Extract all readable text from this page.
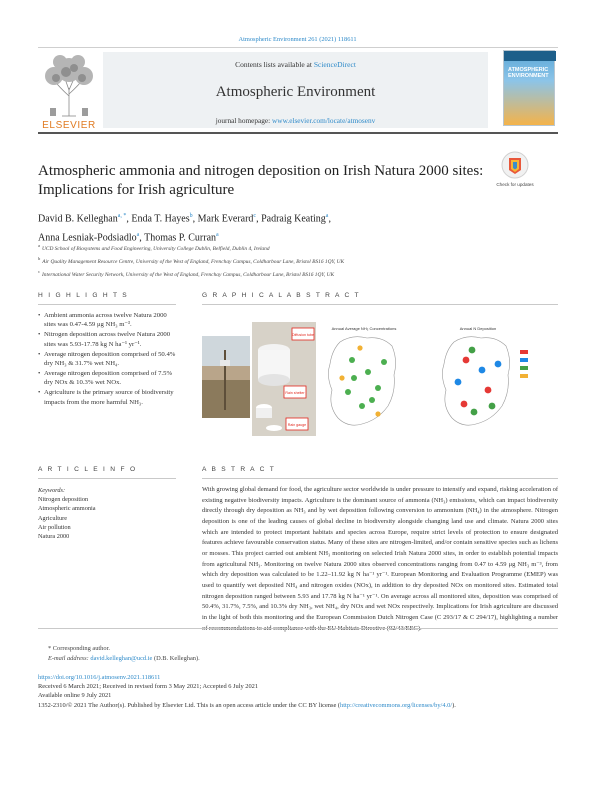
Atmospheric Environment 261 (2021) 118611
ELSEVIER
Contents lists available at ScienceDirect
Atmospheric Environment
journal homepage: www.elsevier.com/locate/atmosenv
ATMOSPHERIC ENVIRONMENT
Atmospheric ammonia and nitrogen deposition on Irish Natura 2000 sites:
Implications for Irish agriculture	Check for updates
David B. Kelleghan$^{a, *}$, Enda T. Hayes$^b$, Mark Everard$^c$, Padraig Keating$^a$,
Anna Lesniak-Podsiadlo$^a$, Thomas P. Curran$^a$
$^a$UCD School of Biosystems and Food Engineering, University College Dublin, Belfield, Dublin 4, Ireland
$^b$Air Quality Management Resource Centre, University of the West of England, Frenchay Campus, Coldharbour Lane, Bristol BS16 1QY, UK
$^c$International Water Security Network, University of the West of England, Frenchay Campus, Coldharbour Lane, Bristol BS16 1QY, UK
H I G H L I G H T S
• Ambient ammonia across twelve Natura 2000 sites was 0.47-4.59 μg NH₃ m⁻³.
• Nitrogen deposition across twelve Natura 2000 sites was 5.93-17.78 kg N ha⁻¹ yr⁻¹.
• Average nitrogen deposition comprised of 50.4% dry NH₃ & 31.7% wet NH₄.
• Average nitrogen deposition comprised of 7.5% dry NOx & 10.3% wet NOx.
• Agriculture is the primary source of biodiversity impacts from the more harmful NH₃.
G R A P H I C A L A B S T R A C T
Diffusion tube
Rain shelter
Rain gauge
Annual Average NH₃ Concentrations	Annual N Deposition
A R T I C L E I N F O
Keywords:
Nitrogen deposition
Atmospheric ammonia
Agriculture
Air pollution
Natura 2000
A B S T R A C T
With growing global demand for food, the agriculture sector worldwide is under pressure to intensify and expand, risking acceleration of existing negative biodiversity impacts. Agriculture is the dominant source of ammonia (NH₃) emissions, which can impact biodiversity directly through dry deposition as NH₃ and by wet deposition following conversion to ammonium (NH₄) in the atmosphere. Nitrogen deposition is one of the leading causes of global decline in biodiversity alongside changing land use and climate. Natura 2000 sites which are intended to protect important habitats and species across Europe, require strict levels of protection to ensure designated features achieve favourable conservation status. Many of these sites are nitrogen-limited, and/or contain sensitive species such as lichens or mosses. This project carried out ambient NH₃ monitoring on selected Irish Natura 2000 sites, in order to establish potential impacts from agricultural NH₃. Monitoring on twelve Natura 2000 sites observed concentrations ranging from 0.47 to 4.59 μg NH₃ m⁻³, from which dry deposition was calculated to be 1.22–11.92 kg N ha⁻¹ yr⁻¹. European Monitoring and Evaluation Programme (EMEP) was used to quantify wet deposited NH₄ and nitrogen oxides (NOx), in addition to dry deposited NOx on monitored sites. Estimated total nitrogen deposition ranged between 5.93 and 17.78 kg N ha⁻¹ yr⁻¹. On average across all monitored sites, deposition was comprised of 50.4%, 31.7%, 7.5%, and 10.3% dry NH₃, wet NH₄, dry NOx and wet NOx respectively. Implications for Irish agriculture are discussed in the light of both this monitoring and the European Commission Dutch Nitrogen Case (C 293/17 & C 294/17), highlighting a number
* Corresponding author.
E-mail address: david.kelleghan@ucd.ie (D.B. Kelleghan).
https://doi.org/10.1016/j.atmosenv.2021.118611
Received 6 March 2021; Received in revised form 3 May 2021; Accepted 6 July 2021
Available online 9 July 2021
1352-2310/© 2021 The Author(s). Published by Elsevier Ltd. This is an open access article under the CC BY license (http://creativecommons.org/licenses/by/4.0/).
